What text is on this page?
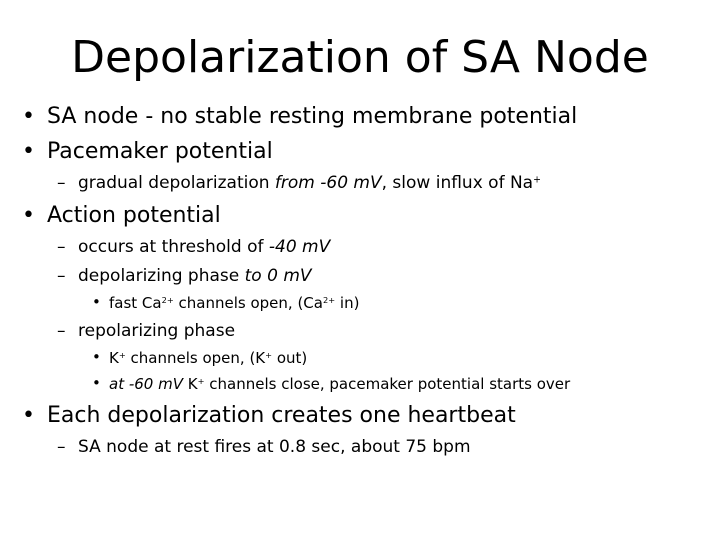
Depolarization of SA Node
• SA node - no stable resting membrane potential
• Pacemaker potential
– gradual depolarization from -60 mV, slow influx of Na+
• Action potential
– occurs at threshold of -40 mV
– depolarizing phase to 0 mV
• fast $Ca^{2+}$ channels open, ($Ca^{2+}$ in)
– repolarizing phase
• K+ channels open, (K+ out)
• at -60 mV K+ channels close, pacemaker potential starts over
• Each depolarization creates one heartbeat
– SA node at rest fires at 0.8 sec, about 75 bpm
